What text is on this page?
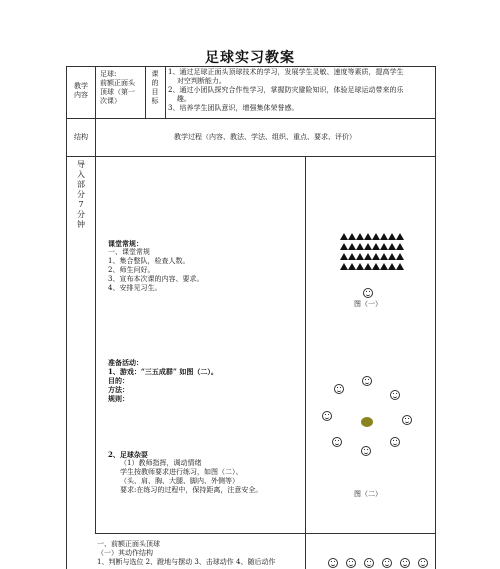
足球实习教案
教学
内容
足球:
前额正面头
顶球（第一
次课）
课
的
目
标
1、通过足球正面头顶球技术的学习，发展学生灵敏、速度等素质，提高学生
对空判断能力。
2、通过小团队探究合作性学习，掌握防灾避险知识，体验足球运动带来的乐
趣。
3、培养学生团队意识，增强集体荣誉感。
结构	教学过程（内容、教法、学法、组织、重点、要求、评价）
导
入
部
分
7
分
钟
课堂常规：
一、课堂常规
1、集合整队，检查人数。
2、师生问好。
3、宣布本次课的内容、要求。
4、安排见习生。
图（一）
准备活动：
1、游戏：“三五成群” 如图（二）。
目的：
方法：
规则：
2、足球杂耍
（1）教师指挥，调动情绪
学生按教师要求进行练习，如图（二）、
（头、肩、胸、大腿、脚内、外侧等）
要求:在练习的过程中，保持距离，注意安全。	图（二）
一、前额正面头顶球
（一）其动作结构
1、判断与选位 2、蹬地与摆动 3、击球动作 4、随后动作
